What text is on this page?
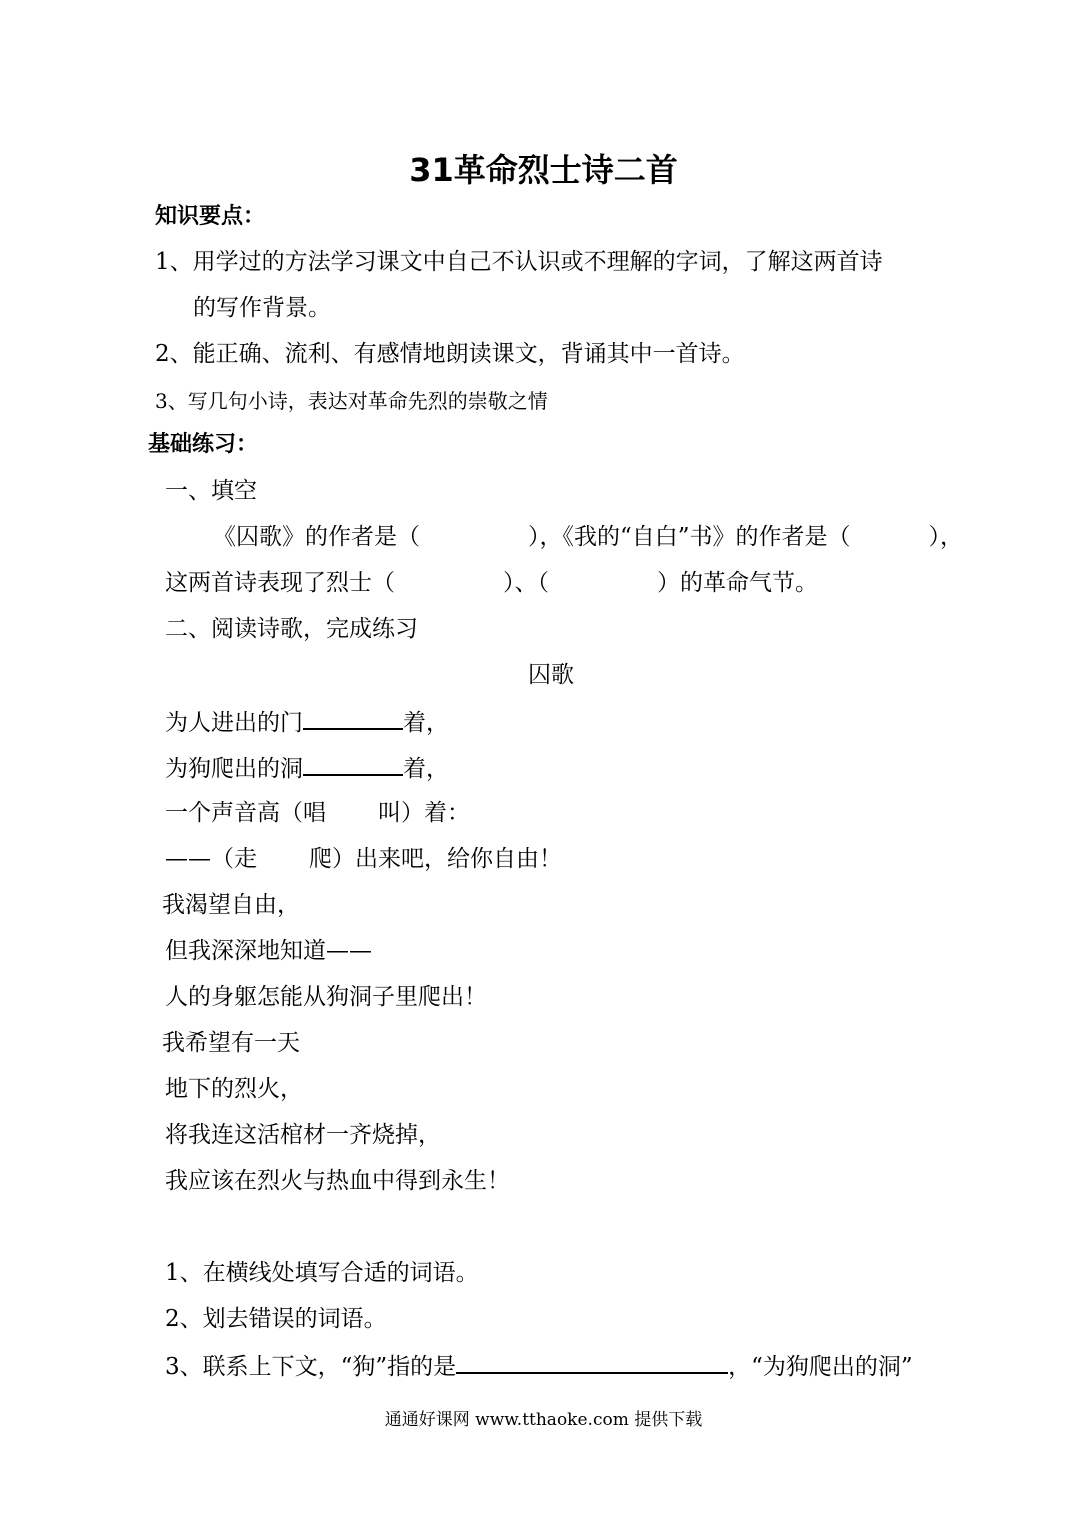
31革命烈士诗二首
知识要点：
1、用学过的方法学习课文中自己不认识或不理解的字词，了解这两首诗
的写作背景。
2、能正确、流利、有感情地朗读课文，背诵其中一首诗。
3、写几句小诗，表达对革命先烈的崇敬之情
基础练习：
一、填空
《囚歌》的作者是（	），《我的“自白”书》的作者是（	），
这两首诗表现了烈士（	）、（	）的革命气节。
二、阅读诗歌，完成练习
囚歌
为人进出的门	着，
为狗爬出的洞	着，
一个声音高（唱 叫）着：
——（走 爬）出来吧，给你自由！
我渴望自由，
但我深深地知道——
人的身躯怎能从狗洞子里爬出！
我希望有一天
地下的烈火，
将我连这活棺材一齐烧掉，
我应该在烈火与热血中得到永生！
1、在横线处填写合适的词语。
2、划去错误的词语。
3、联系上下文，“狗”指的是	，“为狗爬出的洞”
通通好课网 www.tthaoke.com 提供下载
